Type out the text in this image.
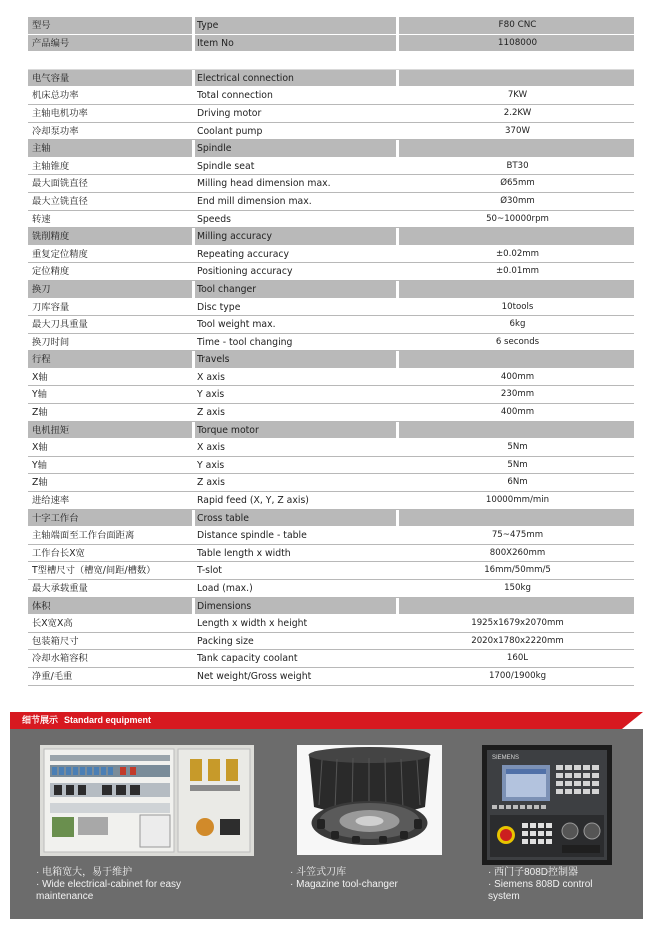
型号	Type	F80 CNC
产品编号	Item No	1108000
电气容量	Electrical connection
机床总功率	Total connection	7KW
主轴电机功率	Driving motor	2.2KW
冷却泵功率	Coolant pump	370W
主轴	Spindle
主轴锥度	Spindle seat	BT30
最大面铣直径	Milling head dimension max.	Ø65mm
最大立铣直径	End mill dimension max.	Ø30mm
转速	Speeds	50~10000rpm
铣削精度	Milling accuracy
重复定位精度	Repeating accuracy	±0.02mm
定位精度	Positioning accuracy	±0.01mm
换刀	Tool changer
刀库容量	Disc type	10tools
最大刀具重量	Tool weight max.	6kg
换刀时间	Time - tool changing	6 seconds
行程	Travels
X轴	X axis	400mm
Y轴	Y axis	230mm
Z轴	Z axis	400mm
电机扭矩	Torque motor
X轴	X axis	5Nm
Y轴	Y axis	5Nm
Z轴	Z axis	6Nm
进给速率	Rapid feed (X, Y, Z axis)	10000mm/min
十字工作台	Cross table
主轴端面至工作台面距离	Distance spindle - table	75~475mm
工作台长X宽	Table length x width	800X260mm
T型槽尺寸（槽宽/间距/槽数）	T-slot	16mm/50mm/5
最大承载重量	Load (max.)	150kg
体积	Dimensions
长X宽X高	Length x width x height	1925x1679x2070mm
包装箱尺寸	Packing size	2020x1780x2220mm
冷却水箱容积	Tank capacity coolant	160L
净重/毛重	Net weight/Gross weight	1700/1900kg
细节展示 Standard equipment
SIEMENS
· 电箱宽大，易于维护
· Wide electrical-cabinet for easy
maintenance
· 斗笠式刀库
· Magazine tool-changer
· 西门子808D控制器
· Siemens 808D control
system
